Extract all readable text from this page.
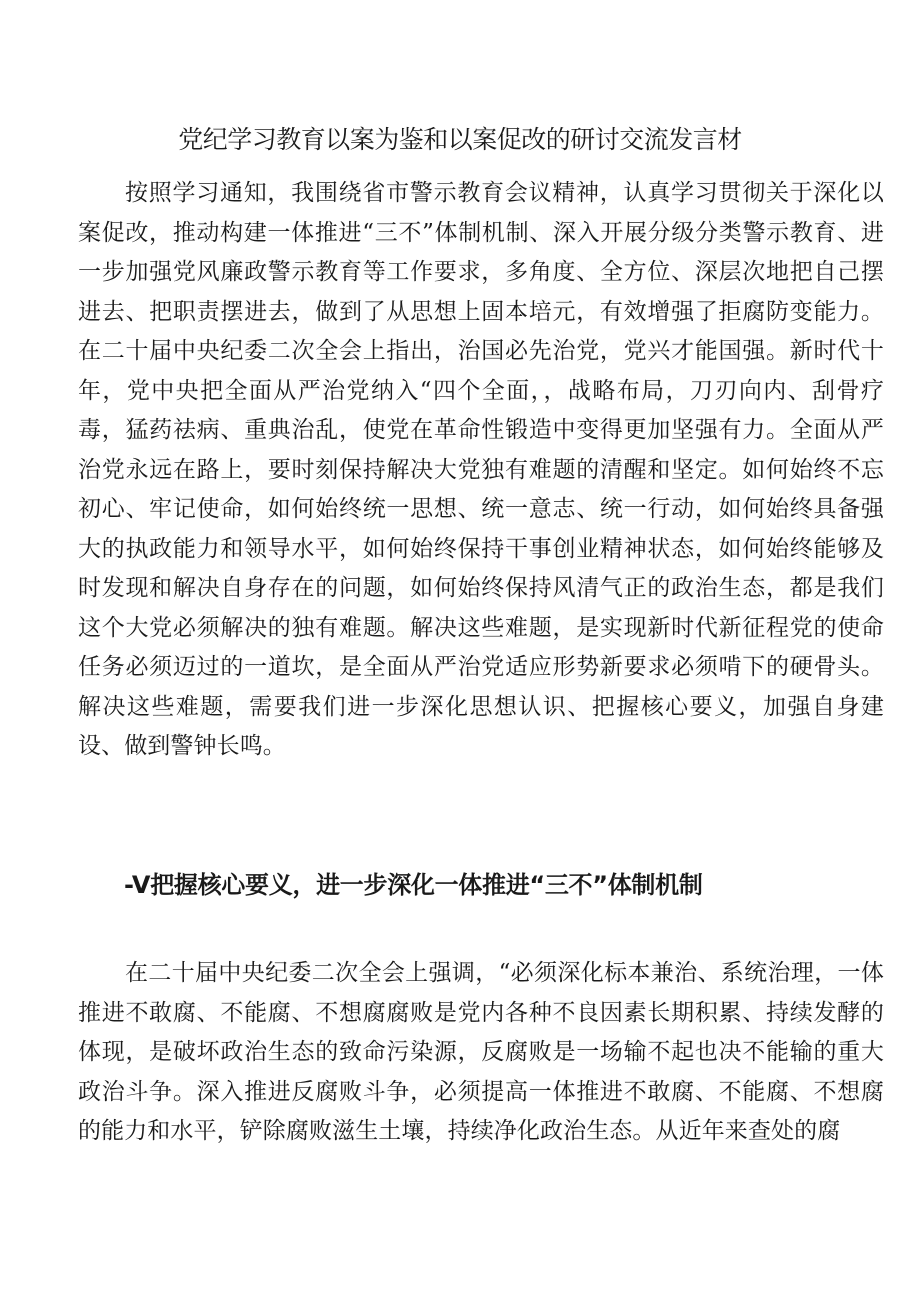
党纪学习教育以案为鉴和以案促改的研讨交流发言材

按照学习通知，我围绕省市警示教育会议精神，认真学习贯彻关于深化以案促改，推动构建一体推进“三不”体制机制、深入开展分级分类警示教育、进一步加强党风廉政警示教育等工作要求，多角度、全方位、深层次地把自己摆进去、把职责摆进去，做到了从思想上固本培元，有效增强了拒腐防变能力。在二十届中央纪委二次全会上指出，治国必先治党，党兴才能国强。新时代十年，党中央把全面从严治党纳入“四个全面，，战略布局，刀刃向内、刮骨疗毒，猛药祛病、重典治乱，使党在革命性锻造中变得更加坚强有力。全面从严治党永远在路上，要时刻保持解决大党独有难题的清醒和坚定。如何始终不忘初心、牢记使命，如何始终统一思想、统一意志、统一行动，如何始终具备强大的执政能力和领导水平，如何始终保持干事创业精神状态，如何始终能够及时发现和解决自身存在的问题，如何始终保持风清气正的政治生态，都是我们这个大党必须解决的独有难题。解决这些难题，是实现新时代新征程党的使命任务必须迈过的一道坎，是全面从严治党适应形势新要求必须啃下的硬骨头。解决这些难题，需要我们进一步深化思想认识、把握核心要义，加强自身建设、做到警钟长鸣。

-V把握核心要义，进一步深化一体推进“三不”体制机制

在二十届中央纪委二次全会上强调，“必须深化标本兼治、系统治理，一体推进不敢腐、不能腐、不想腐腐败是党内各种不良因素长期积累、持续发酵的体现，是破坏政治生态的致命污染源，反腐败是一场输不起也决不能输的重大政治斗争。深入推进反腐败斗争，必须提高一体推进不敢腐、不能腐、不想腐的能力和水平，铲除腐败滋生土壤，持续净化政治生态。从近年来查处的腐
